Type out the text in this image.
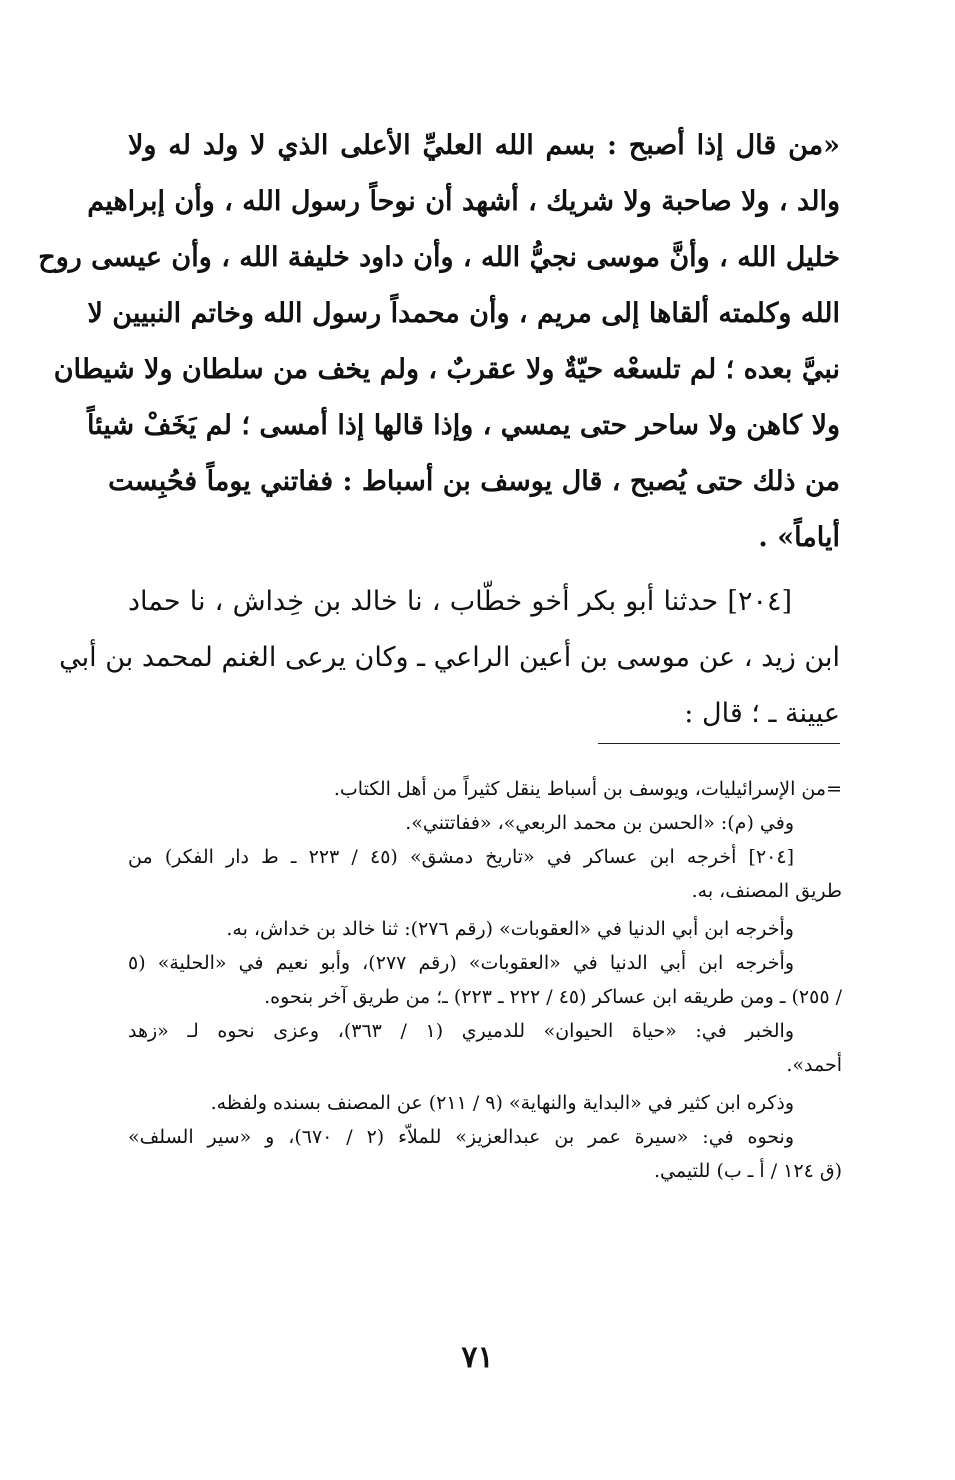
«من قال إذا أصبح : بسم الله العليِّ الأعلى الذي لا ولد له ولا
والد ، ولا صاحبة ولا شريك ، أشهد أن نوحاً رسول الله ، وأن إبراهيم
خليل الله ، وأنَّ موسى نجيُّ الله ، وأن داود خليفة الله ، وأن عيسى روح
الله وكلمته ألقاها إلى مريم ، وأن محمداً رسول الله وخاتم النبيين لا
نبيَّ بعده ؛ لم تلسعْه حيّةٌ ولا عقربٌ ، ولم يخف من سلطان ولا شيطان
ولا كاهن ولا ساحر حتى يمسي ، وإذا قالها إذا أمسى ؛ لم يَخَفْ شيئاً
من ذلك حتى يُصبح ، قال يوسف بن أسباط : ففاتني يوماً فحُبِست
أياماً» .
[٢٠٤] حدثنا أبو بكر أخو خطّاب ، نا خالد بن خِداش ، نا حماد
ابن زيد ، عن موسى بن أعين الراعي ـ وكان يرعى الغنم لمحمد بن أبي
عيينة ـ ؛ قال :
=من الإسرائيليات، ويوسف بن أسباط ينقل كثيراً من أهل الكتاب.
وفي (م): «الحسن بن محمد الربعي»، «ففاتتني».
[٢٠٤] أخرجه ابن عساكر في «تاريخ دمشق» (٤٥ / ٢٢٣ ـ ط دار الفكر) من
طريق المصنف، به.
وأخرجه ابن أبي الدنيا في «العقوبات» (رقم ٢٧٦): ثنا خالد بن خداش، به.
وأخرجه ابن أبي الدنيا في «العقوبات» (رقم ٢٧٧)، وأبو نعيم في «الحلية» (٥
/ ٢٥٥) ـ ومن طريقه ابن عساكر (٤٥ / ٢٢٢ ـ ٢٢٣) ـ؛ من طريق آخر بنحوه.
والخبر في: «حياة الحيوان» للدميري (١ / ٣٦٣)، وعزى نحوه لـ «زهد
أحمد».
وذكره ابن كثير في «البداية والنهاية» (٩ / ٢١١) عن المصنف بسنده ولفظه.
ونحوه في: «سيرة عمر بن عبدالعزيز» للملاّء (٢ / ٦٧٠)، و «سير السلف»
(ق ١٢٤ / أ ـ ب) للتيمي.
٧١
